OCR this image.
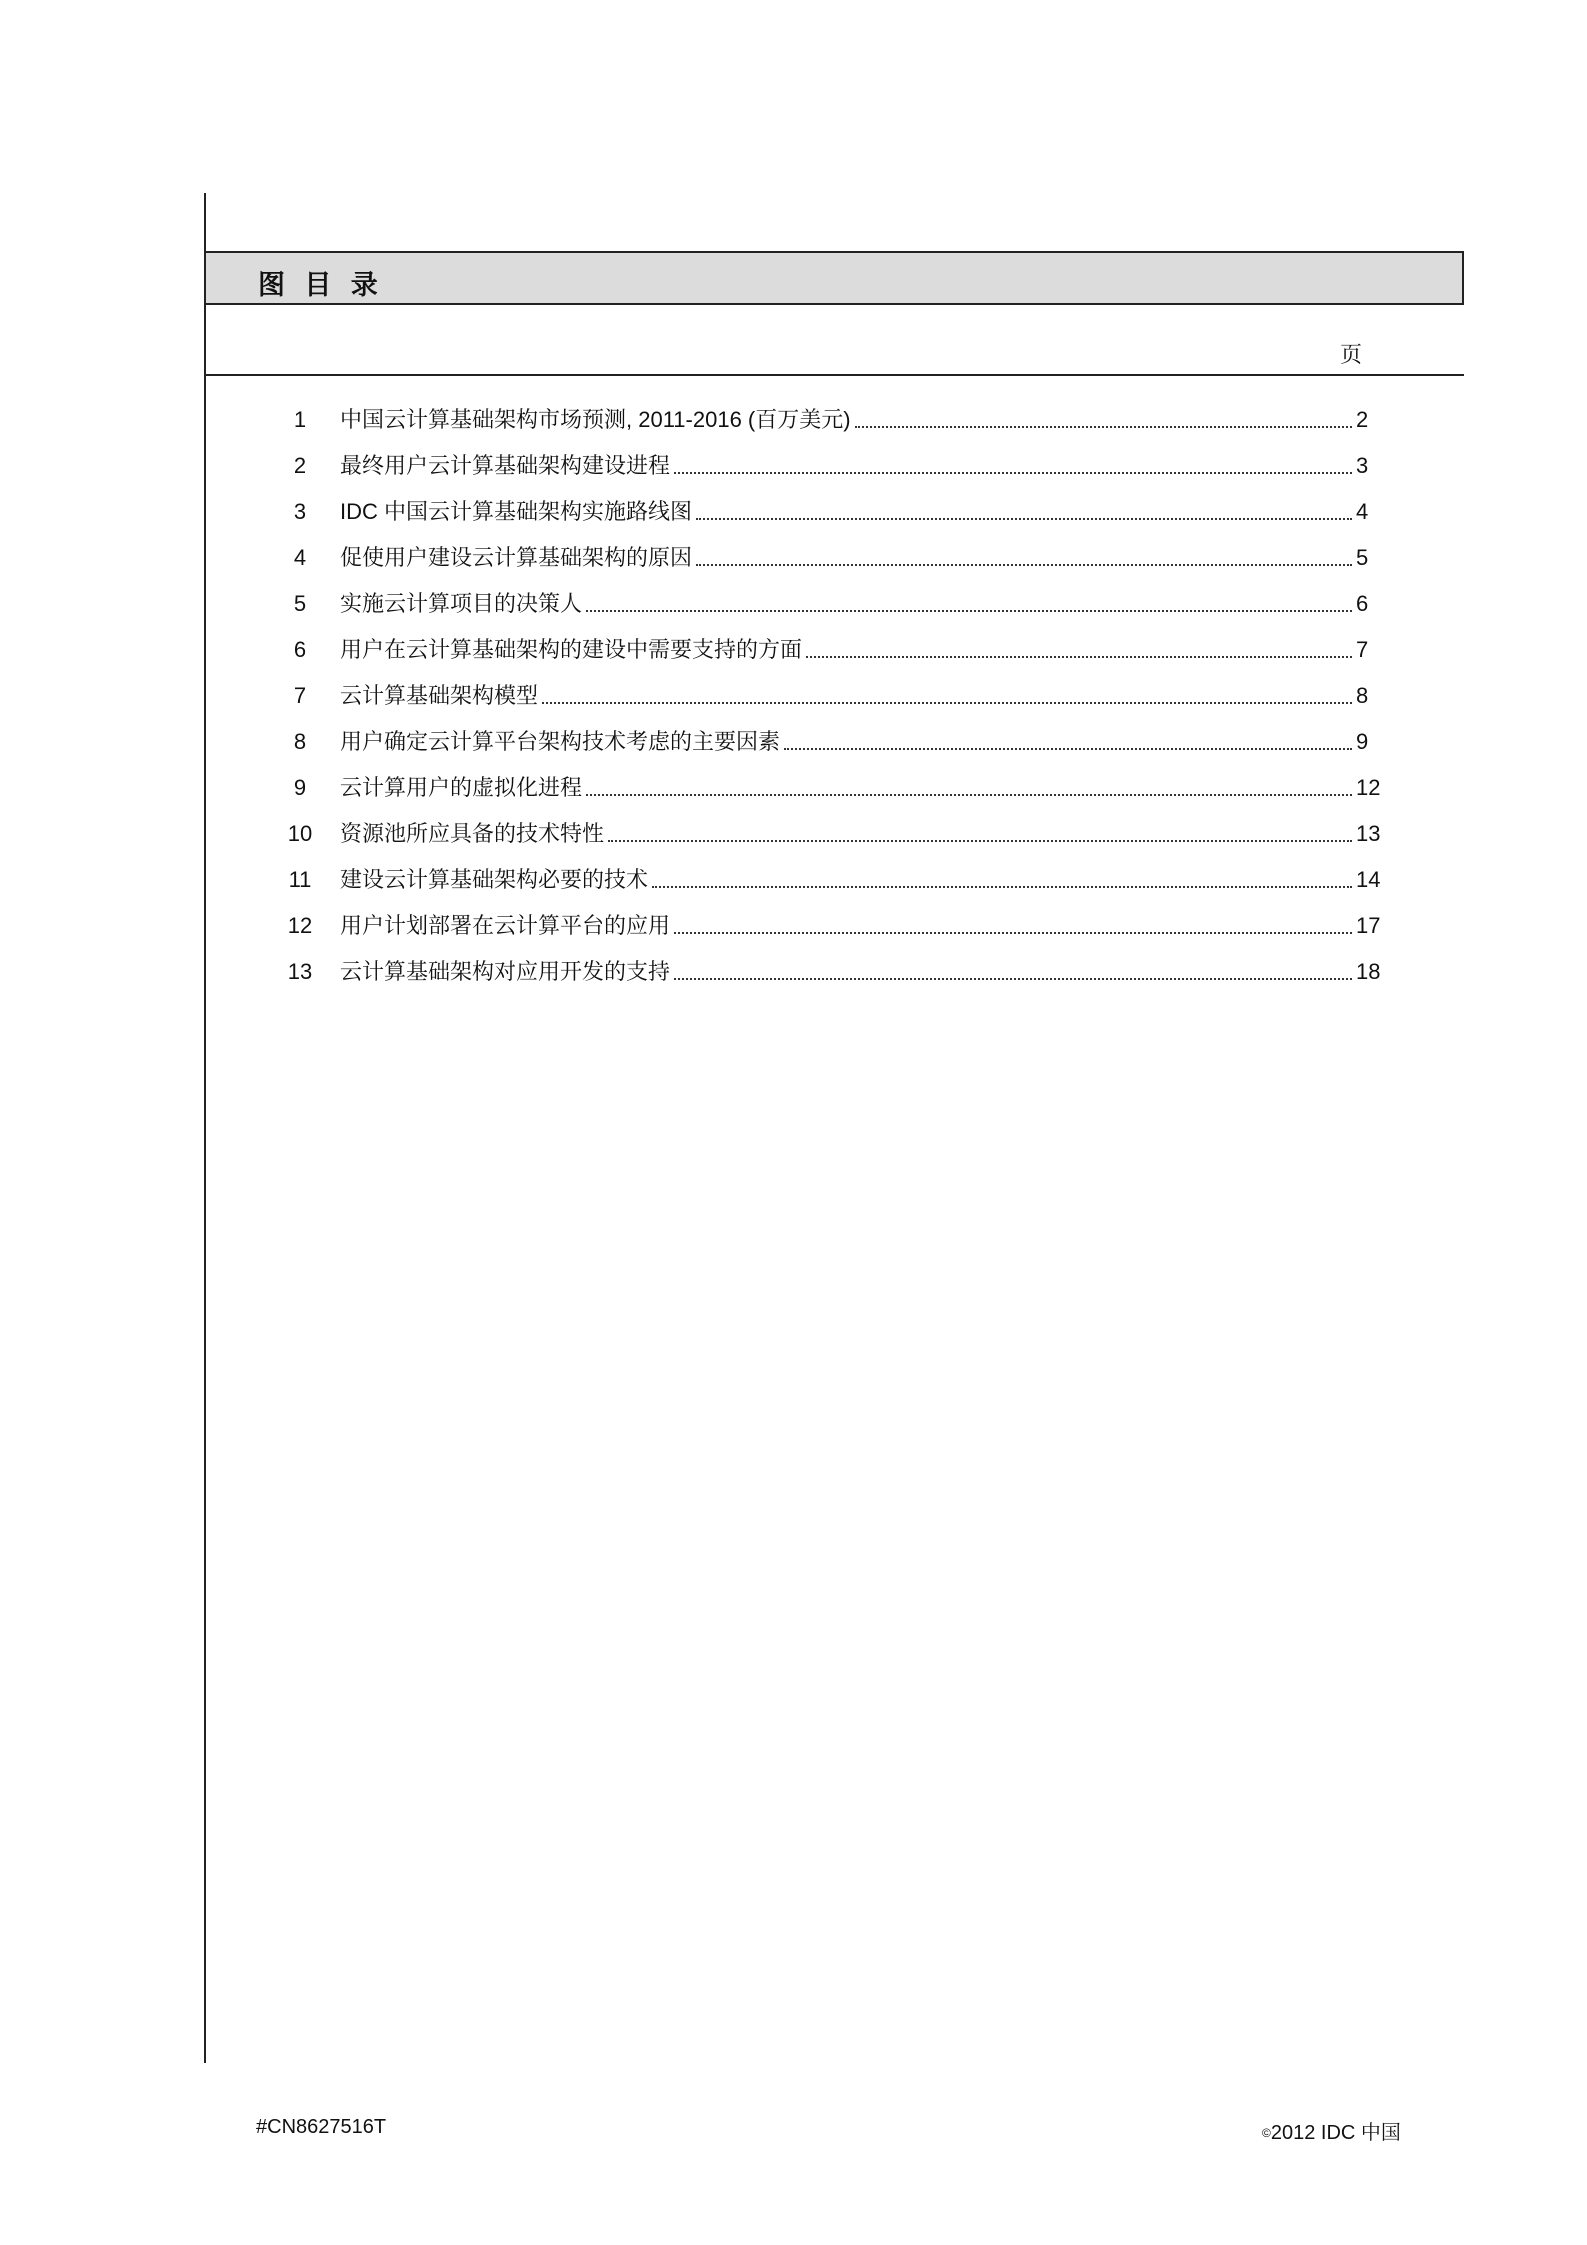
图 目 录
页
1	中国云计算基础架构市场预测, 2011-2016 (百万美元)	2
2	最终用户云计算基础架构建设进程	3
3	IDC 中国云计算基础架构实施路线图	4
4	促使用户建设云计算基础架构的原因	5
5	实施云计算项目的决策人	6
6	用户在云计算基础架构的建设中需要支持的方面	7
7	云计算基础架构模型	8
8	用户确定云计算平台架构技术考虑的主要因素	9
9	云计算用户的虚拟化进程	12
10	资源池所应具备的技术特性	13
11	建设云计算基础架构必要的技术	14
12	用户计划部署在云计算平台的应用	17
13	云计算基础架构对应用开发的支持	18
#CN8627516T	©2012 IDC 中国
